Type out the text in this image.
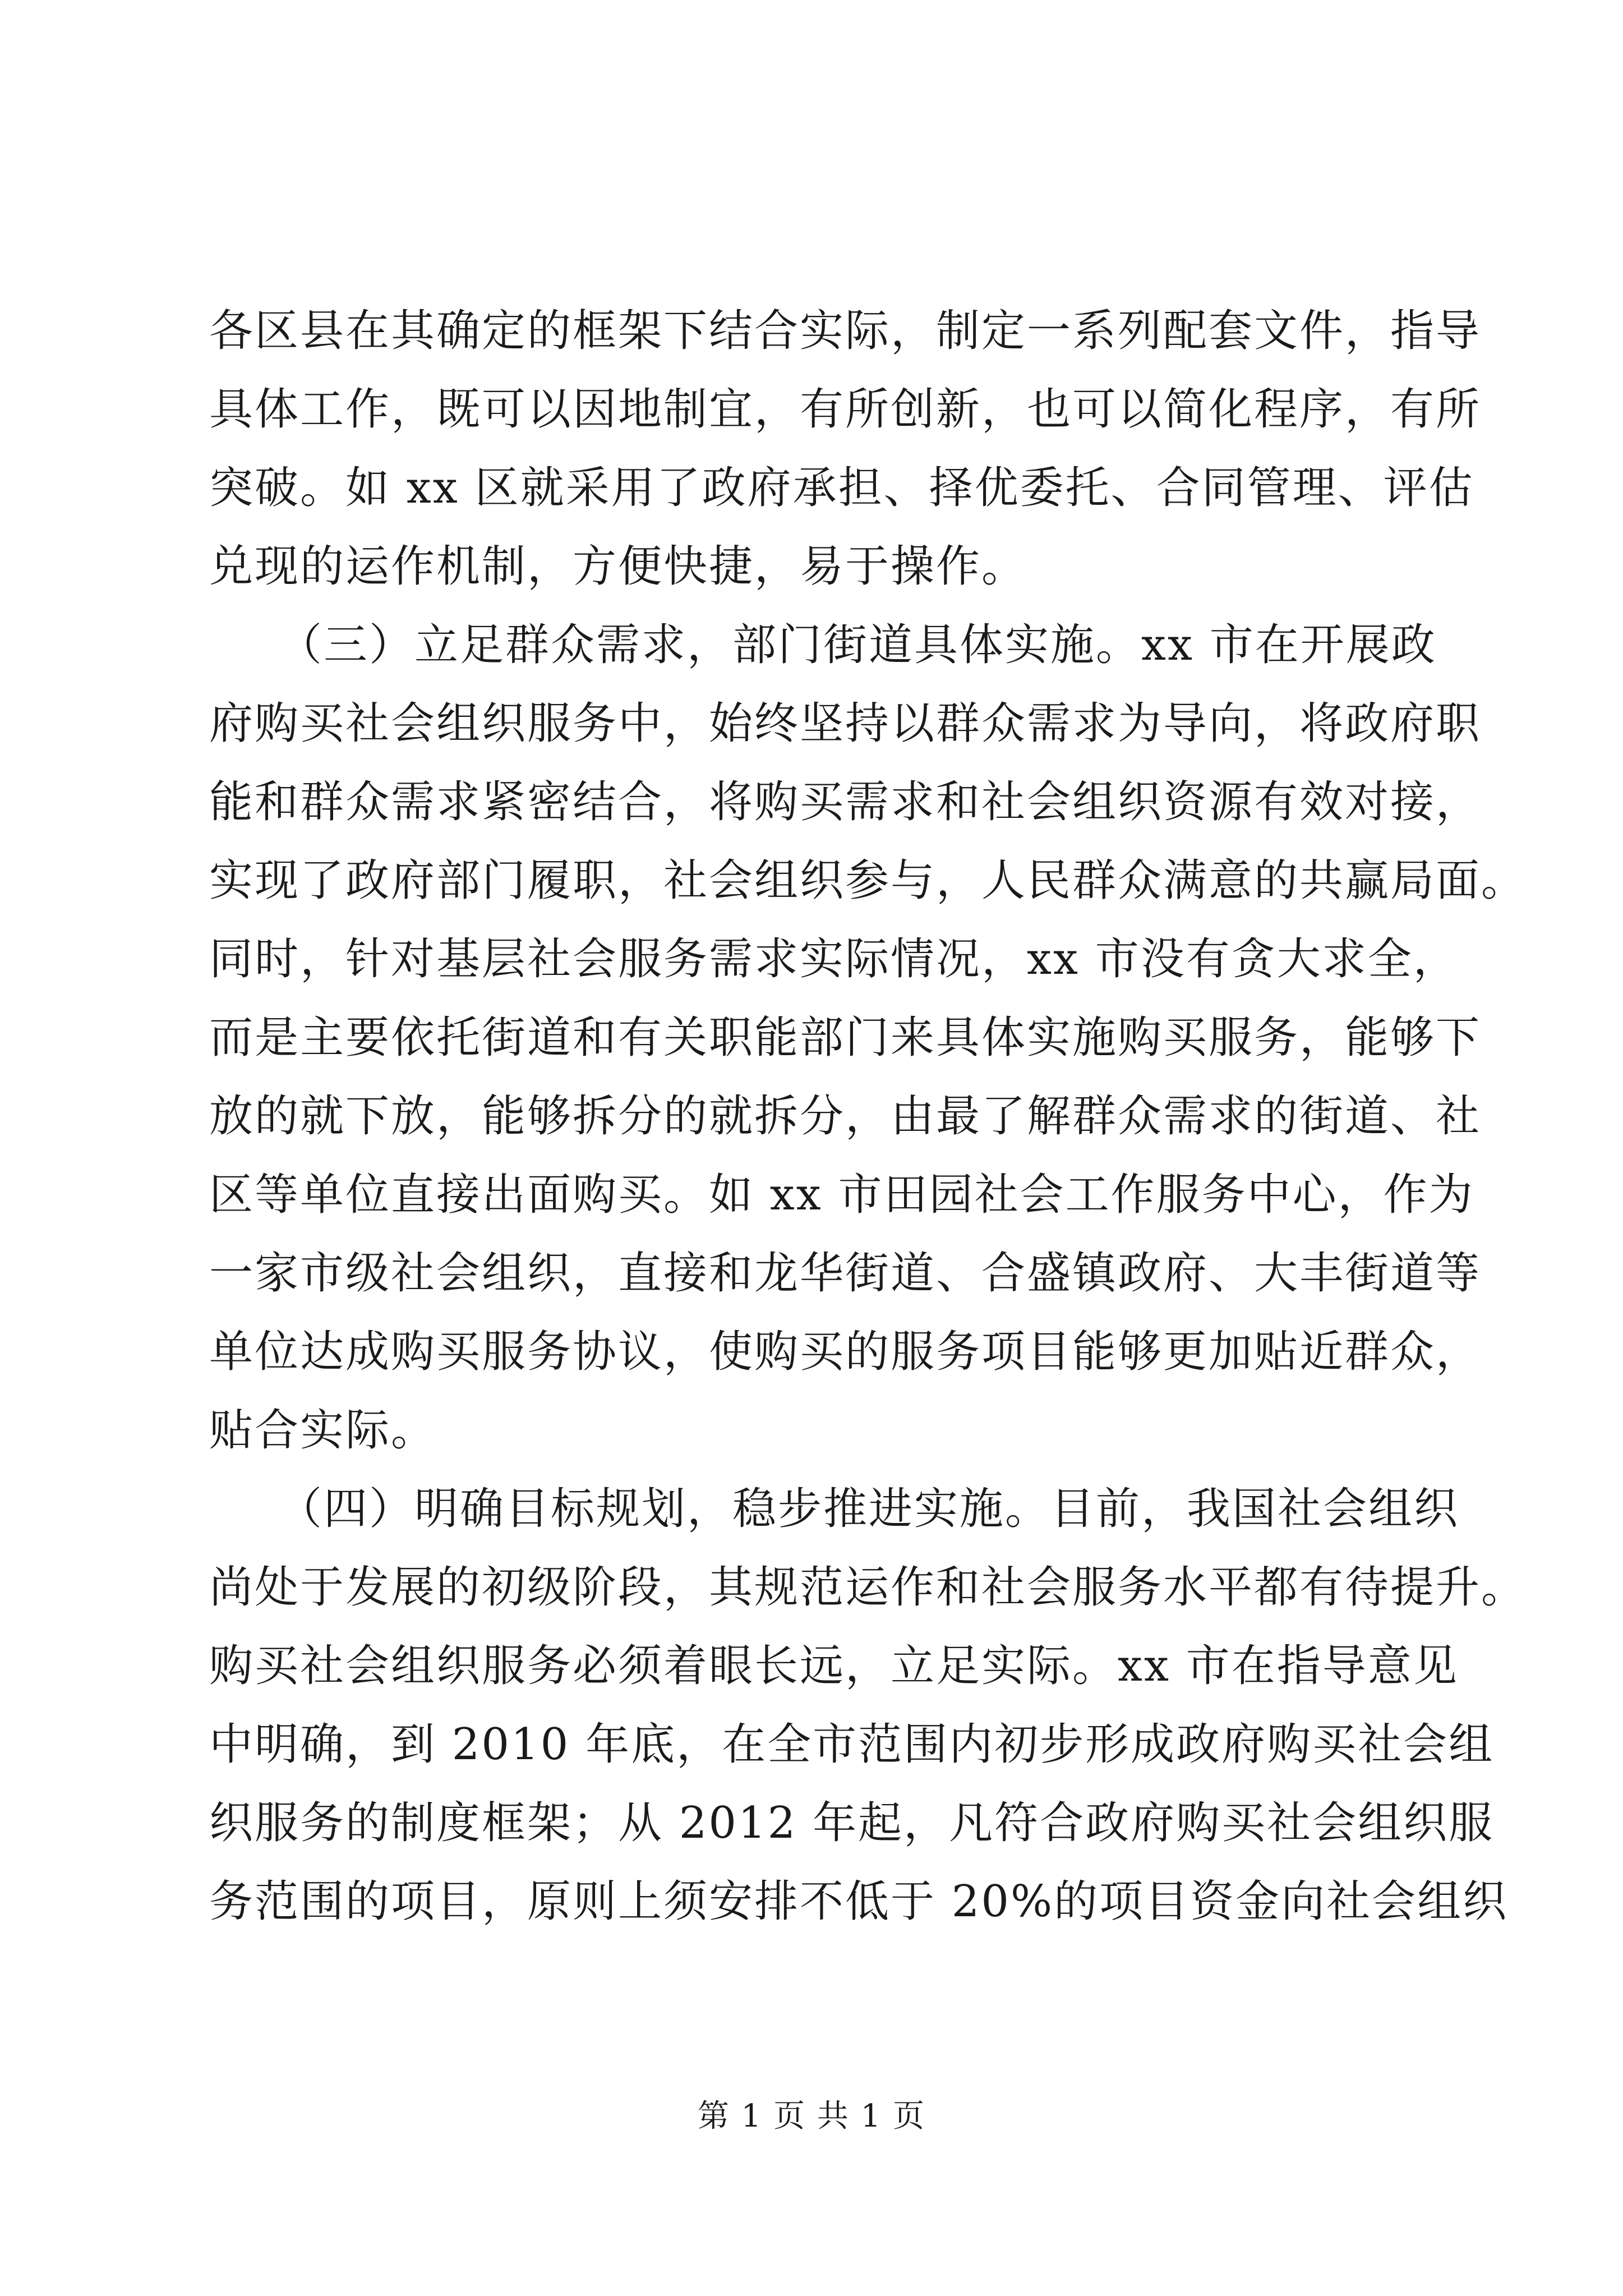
各区县在其确定的框架下结合实际，制定一系列配套文件，指导
具体工作，既可以因地制宜，有所创新，也可以简化程序，有所
突破。如 xx 区就采用了政府承担、择优委托、合同管理、评估
兑现的运作机制，方便快捷，易于操作。
　　（三）立足群众需求，部门街道具体实施。xx 市在开展政
府购买社会组织服务中，始终坚持以群众需求为导向，将政府职
能和群众需求紧密结合，将购买需求和社会组织资源有效对接，
实现了政府部门履职，社会组织参与，人民群众满意的共赢局面。
同时，针对基层社会服务需求实际情况，xx 市没有贪大求全，
而是主要依托街道和有关职能部门来具体实施购买服务，能够下
放的就下放，能够拆分的就拆分，由最了解群众需求的街道、社
区等单位直接出面购买。如 xx 市田园社会工作服务中心，作为
一家市级社会组织，直接和龙华街道、合盛镇政府、大丰街道等
单位达成购买服务协议，使购买的服务项目能够更加贴近群众，
贴合实际。
　　（四）明确目标规划，稳步推进实施。目前，我国社会组织
尚处于发展的初级阶段，其规范运作和社会服务水平都有待提升。
购买社会组织服务必须着眼长远，立足实际。xx 市在指导意见
中明确，到 2010 年底，在全市范围内初步形成政府购买社会组
织服务的制度框架；从 2012 年起，凡符合政府购买社会组织服
务范围的项目，原则上须安排不低于 20%的项目资金向社会组织
第 1 页 共 1 页
